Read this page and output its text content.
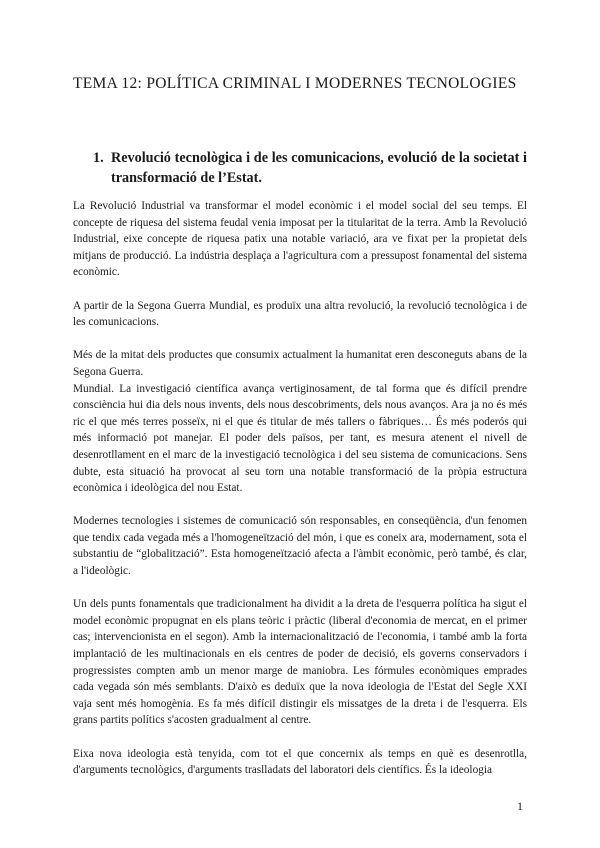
TEMA 12: POLÍTICA CRIMINAL I MODERNES TECNOLOGIES
1. Revolució tecnològica i de les comunicacions, evolució de la societat i transformació de l’Estat.

La Revolució Industrial va transformar el model econòmic i el model social del seu temps. El concepte de riquesa del sistema feudal venia imposat per la titularitat de la terra. Amb la Revolució Industrial, eixe concepte de riquesa patix una notable variació, ara ve fixat per la propietat dels mitjans de producció. La indústria desplaça a l'agricultura com a pressupost fonamental del sistema econòmic.

A partir de la Segona Guerra Mundial, es produïx una altra revolució, la revolució tecnològica i de les comunicacions.

Més de la mitat dels productes que consumix actualment la humanitat eren desconeguts abans de la Segona Guerra.

Mundial. La investigació científica avança vertiginosament, de tal forma que és difícil prendre consciència hui dia dels nous invents, dels nous descobriments, dels nous avanços. Ara ja no és més ric el que més terres posseïx, ni el que és titular de més tallers o fàbriques… És més poderós qui més informació pot manejar. El poder dels països, per tant, es mesura atenent el nivell de desenrotllament en el marc de la investigació tecnològica i del seu sistema de comunicacions. Sens dubte, esta situació ha provocat al seu torn una notable transformació de la pròpia estructura econòmica i ideològica del nou Estat.

Modernes tecnologies i sistemes de comunicació són responsables, en conseqüència, d'un fenomen que tendix cada vegada més a l'homogeneïtzació del món, i que es coneix ara, modernament, sota el substantiu de “globalització”. Esta homogeneïtzació afecta a l'àmbit econòmic, però també, és clar, a l'ideològic.

Un dels punts fonamentals que tradicionalment ha dividit a la dreta de l'esquerra política ha sigut el model econòmic propugnat en els plans teòric i pràctic (liberal d'economia de mercat, en el primer cas; intervencionista en el segon). Amb la internacionalització de l'economia, i també amb la forta implantació de les multinacionals en els centres de poder de decisió, els governs conservadors i progressistes compten amb un menor marge de maniobra. Les fórmules econòmiques emprades cada vegada són més semblants. D'això es deduïx que la nova ideologia de l'Estat del Segle XXI vaja sent més homogènia. Es fa més difícil distingir els missatges de la dreta i de l'esquerra. Els grans partits polítics s'acosten gradualment al centre.

Eixa nova ideologia està tenyida, com tot el que concernix als temps en què es desenrotlla, d'arguments tecnològics, d'arguments traslladats del laboratori dels científics. És la ideologia

1
